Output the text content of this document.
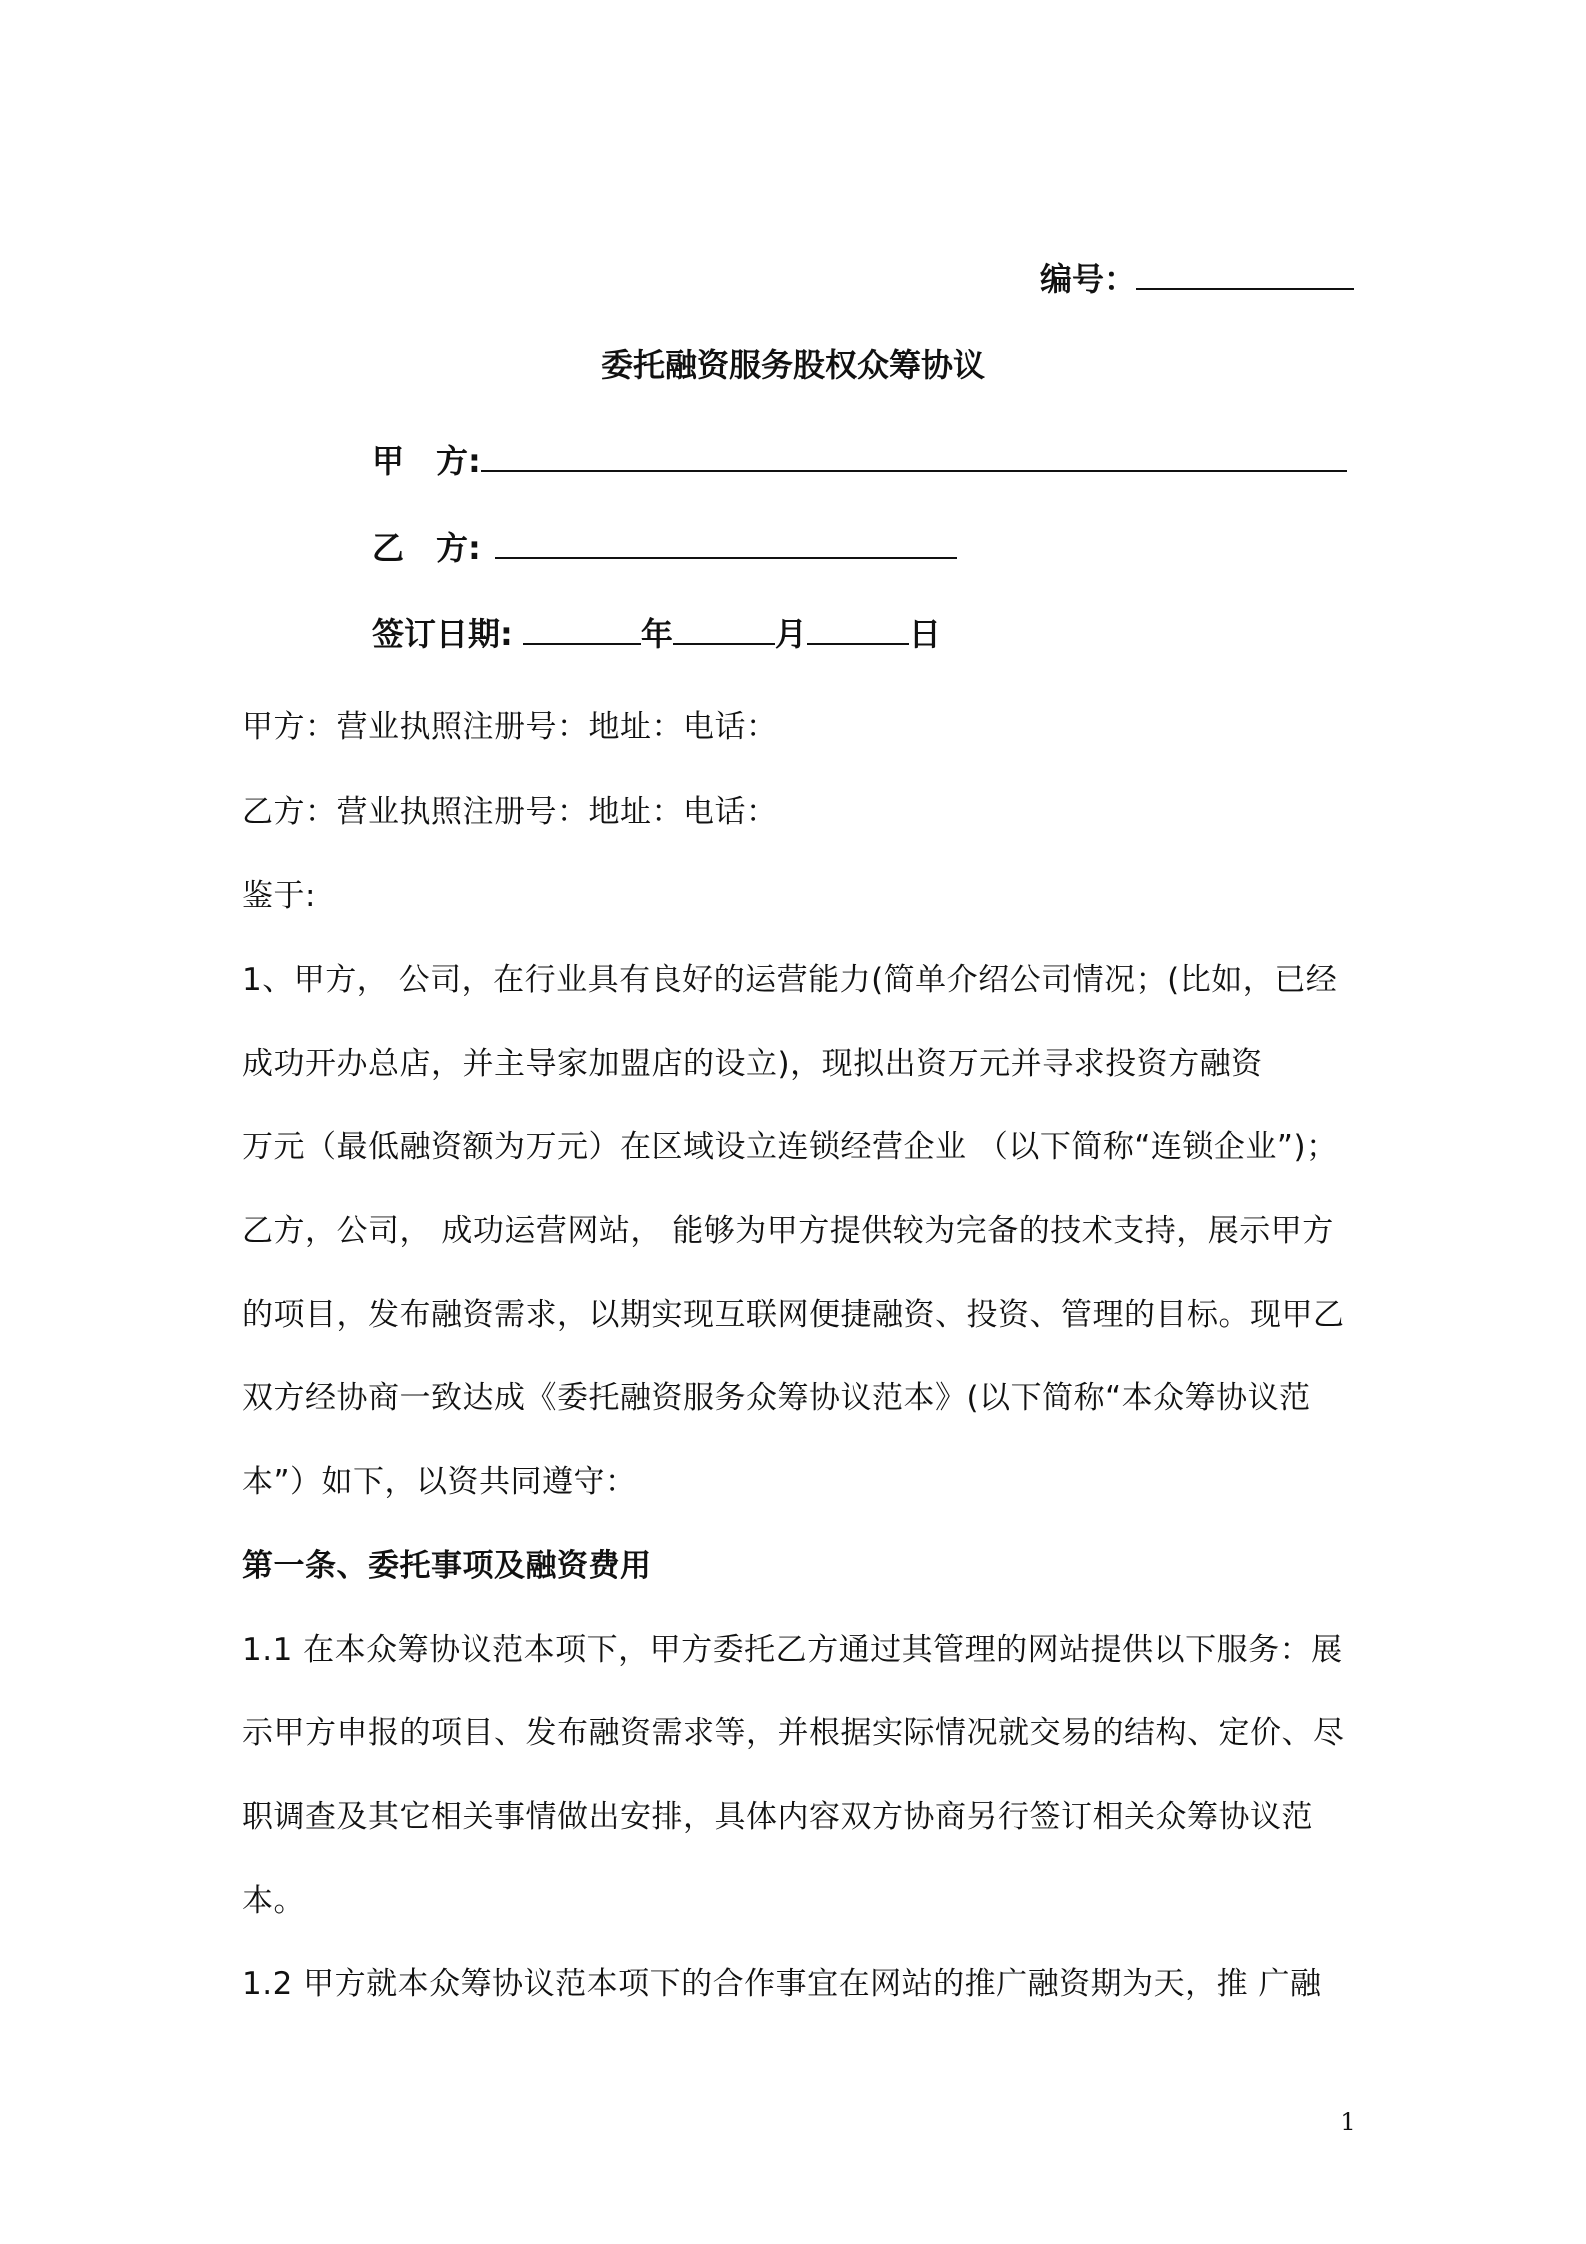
编号：
委托融资服务股权众筹协议
甲　方:
乙　方:
签订日期:	年	月	日
甲方：营业执照注册号：地址：电话：
乙方：营业执照注册号：地址：电话：
鉴于:
1、甲方， 公司，在行业具有良好的运营能力(简单介绍公司情况；(比如，已经
成功开办总店，并主导家加盟店的设立)，现拟出资万元并寻求投资方融资
万元（最低融资额为万元）在区域设立连锁经营企业 （以下简称“连锁企业”)；
乙方，公司， 成功运营网站， 能够为甲方提供较为完备的技术支持，展示甲方
的项目，发布融资需求，以期实现互联网便捷融资、投资、管理的目标。现甲乙
双方经协商一致达成《委托融资服务众筹协议范本》(以下简称“本众筹协议范
本”）如下，以资共同遵守：
第一条、委托事项及融资费用
1.1 在本众筹协议范本项下，甲方委托乙方通过其管理的网站提供以下服务：展
示甲方申报的项目、发布融资需求等，并根据实际情况就交易的结构、定价、尽
职调查及其它相关事情做出安排，具体内容双方协商另行签订相关众筹协议范
本。
1.2 甲方就本众筹协议范本项下的合作事宜在网站的推广融资期为天，推 广融
1
